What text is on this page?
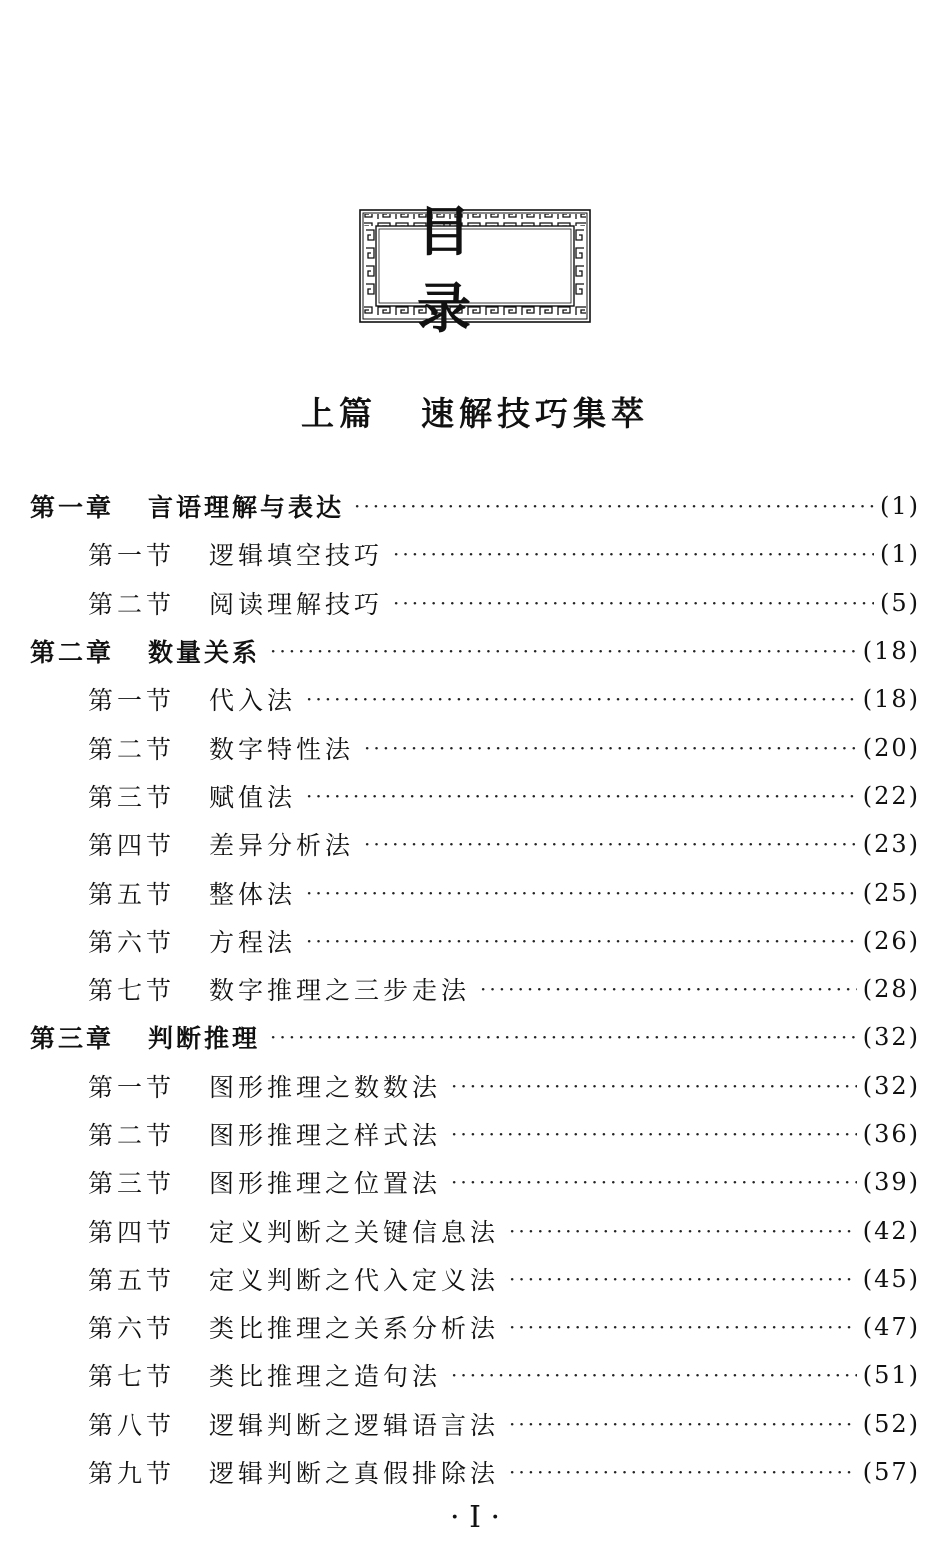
目 录
上篇 速解技巧集萃
第一章 言语理解与表达 ·····	(1)
第一节 逻辑填空技巧 ·····	(1)
第二节 阅读理解技巧 ·····	(5)
第二章 数量关系 ·····	(18)
第一节 代入法 ·····	(18)
第二节 数字特性法 ·····	(20)
第三节 赋值法 ·····	(22)
第四节 差异分析法 ·····	(23)
第五节 整体法 ·····	(25)
第六节 方程法 ·····	(26)
第七节 数字推理之三步走法 ·····	(28)
第三章 判断推理 ·····	(32)
第一节 图形推理之数数法 ·····	(32)
第二节 图形推理之样式法 ·····	(36)
第三节 图形推理之位置法 ·····	(39)
第四节 定义判断之关键信息法 ·····	(42)
第五节 定义判断之代入定义法 ·····	(45)
第六节 类比推理之关系分析法 ·····	(47)
第七节 类比推理之造句法 ·····	(51)
第八节 逻辑判断之逻辑语言法 ·····	(52)
第九节 逻辑判断之真假排除法 ·····	(57)
· I ·
